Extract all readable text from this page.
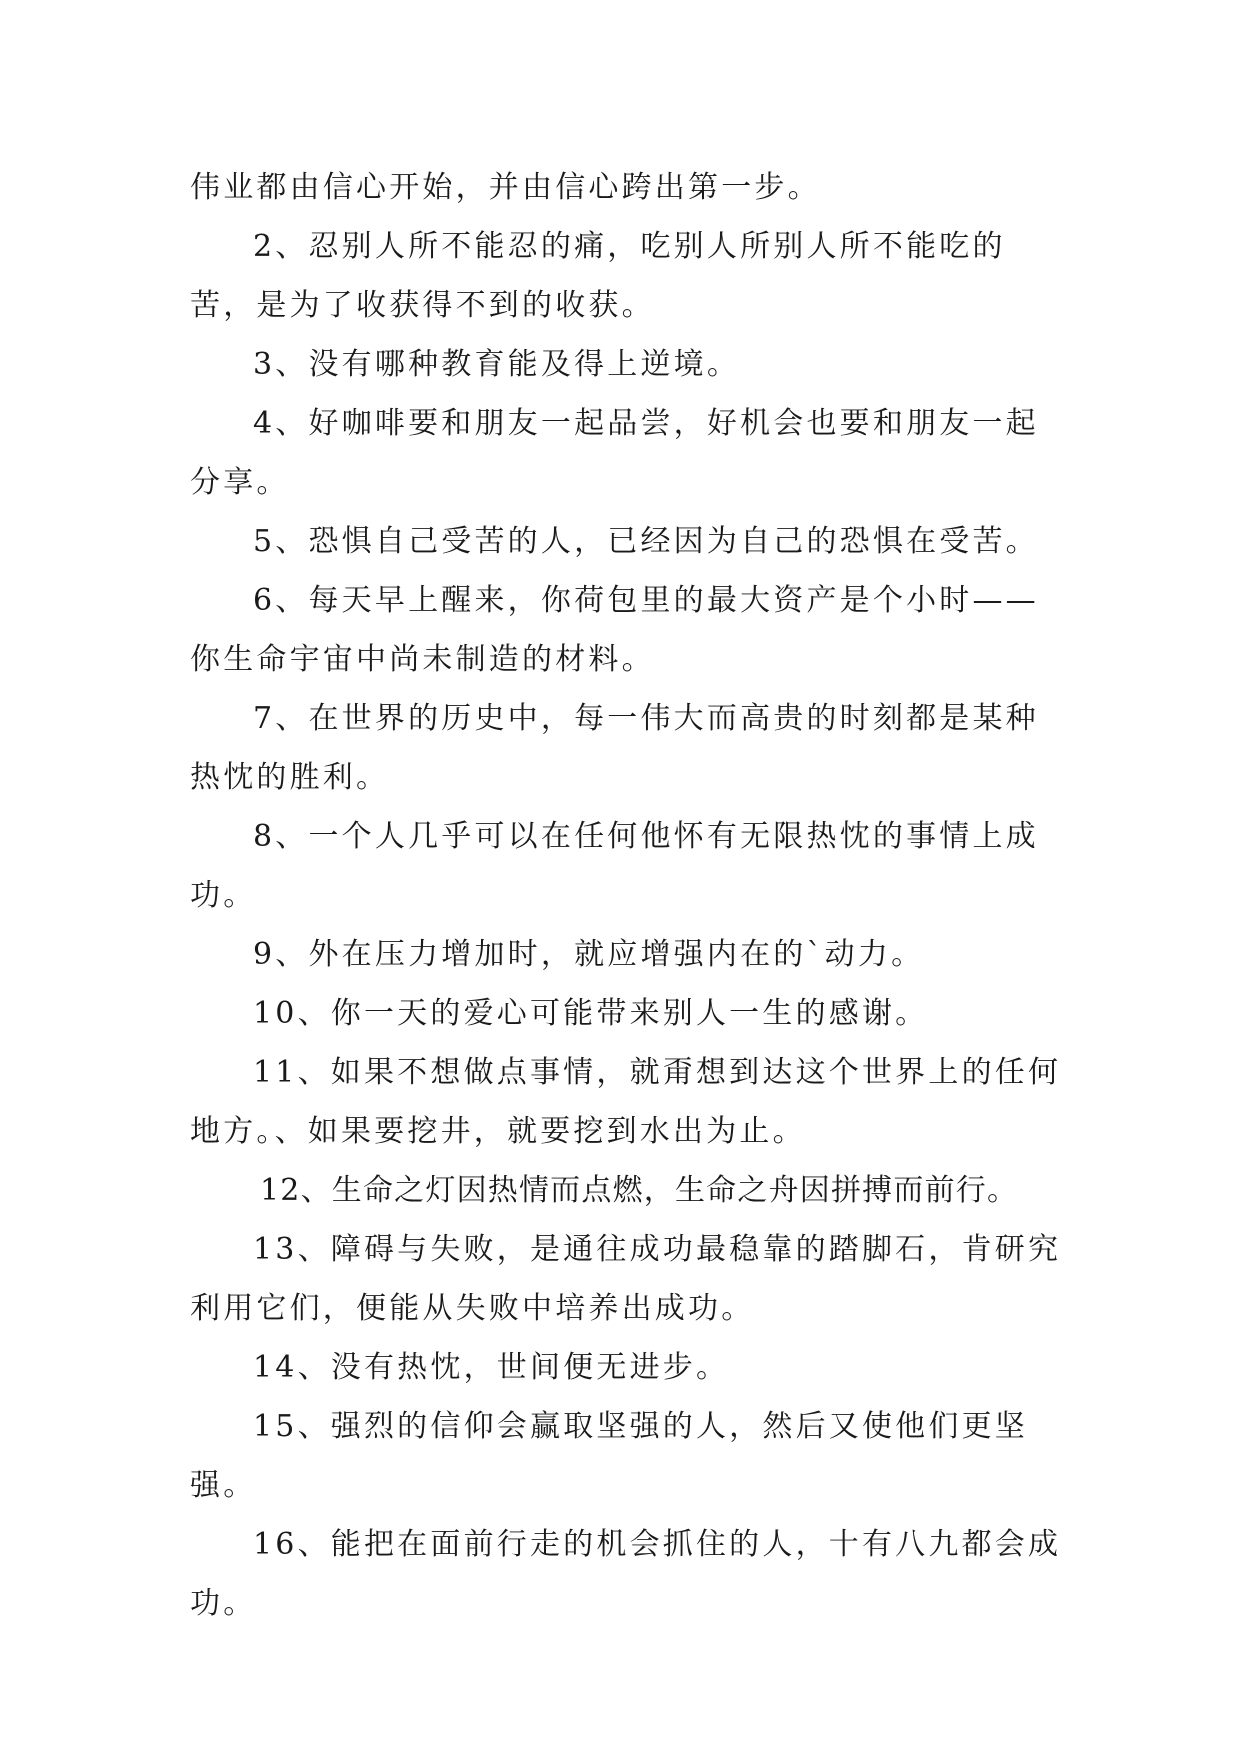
伟业都由信心开始，并由信心跨出第一步。

2、忍别人所不能忍的痛，吃别人所别人所不能吃的苦，是为了收获得不到的收获。

3、没有哪种教育能及得上逆境。

4、好咖啡要和朋友一起品尝，好机会也要和朋友一起分享。

5、恐惧自己受苦的人，已经因为自己的恐惧在受苦。

6、每天早上醒来，你荷包里的最大资产是个小时——你生命宇宙中尚未制造的材料。

7、在世界的历史中，每一伟大而高贵的时刻都是某种热忱的胜利。

8、一个人几乎可以在任何他怀有无限热忱的事情上成功。

9、外在压力增加时，就应增强内在的`动力。

10、你一天的爱心可能带来别人一生的感谢。

11、如果不想做点事情，就甭想到达这个世界上的任何地方。、如果要挖井，就要挖到水出为止。

12、生命之灯因热情而点燃，生命之舟因拼搏而前行。

13、障碍与失败，是通往成功最稳靠的踏脚石，肯研究利用它们，便能从失败中培养出成功。

14、没有热忱，世间便无进步。

15、强烈的信仰会赢取坚强的人，然后又使他们更坚强。

16、能把在面前行走的机会抓住的人，十有八九都会成功。
